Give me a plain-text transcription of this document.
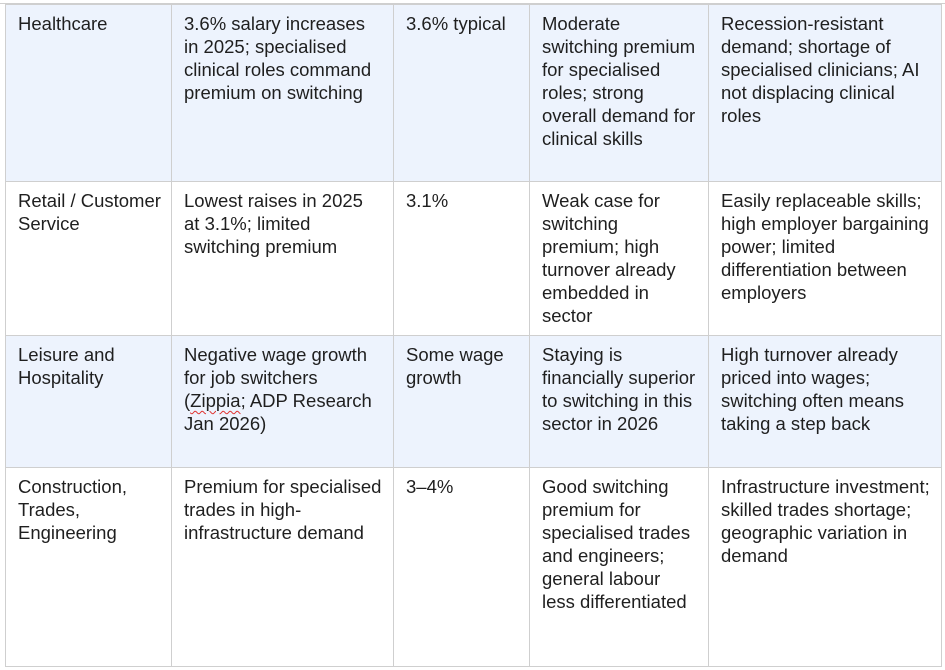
Healthcare	3.6% salary increases in 2025; specialised clinical roles command premium on switching	3.6% typical	Moderate switching premium for specialised roles; strong overall demand for clinical skills	Recession-resistant demand; shortage of specialised clinicians; AI not displacing clinical roles
Retail / Customer Service	Lowest raises in 2025 at 3.1%; limited switching premium	3.1%	Weak case for switching premium; high turnover already embedded in sector	Easily replaceable skills; high employer bargaining power; limited differentiation between employers
Leisure and Hospitality	Negative wage growth for job switchers (Zippia; ADP Research Jan 2026)	Some wage growth	Staying is financially superior to switching in this sector in 2026	High turnover already priced into wages; switching often means taking a step back
Construction, Trades, Engineering	Premium for specialised trades in high-infrastructure demand	3–4%	Good switching premium for specialised trades and engineers; general labour less differentiated	Infrastructure investment; skilled trades shortage; geographic variation in demand
